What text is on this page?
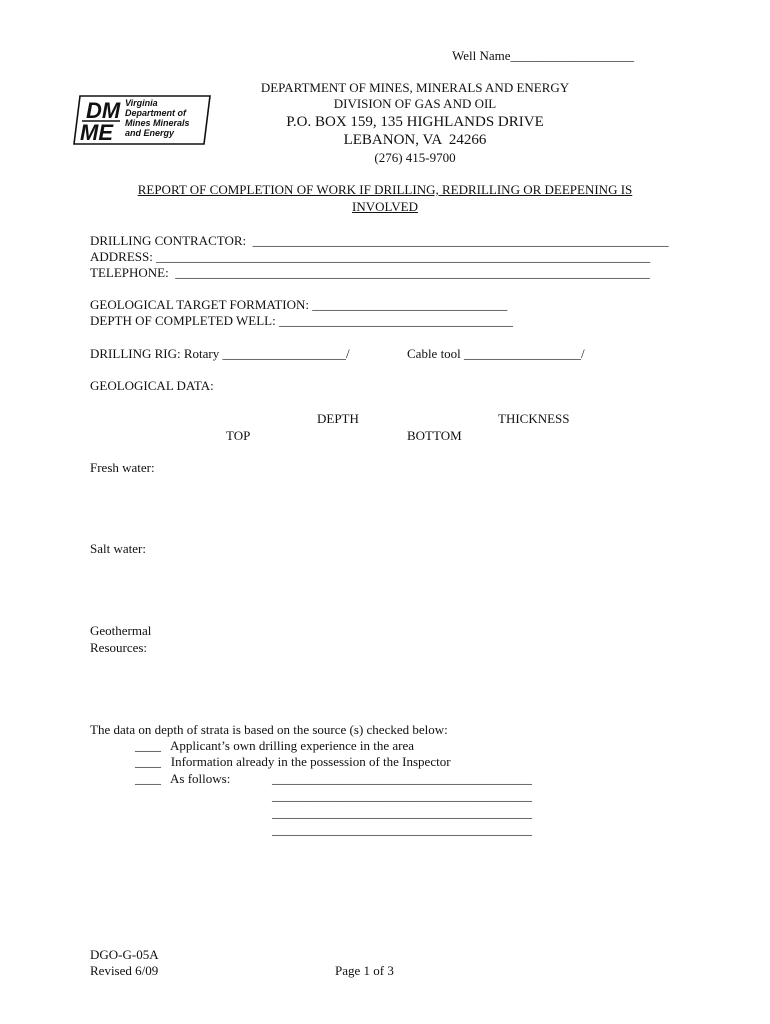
Well Name___________________
DM
ME
Virginia
Department of
Mines Minerals
and Energy
DEPARTMENT OF MINES, MINERALS AND ENERGY
DIVISION OF GAS AND OIL
P.O. BOX 159, 135 HIGHLANDS DRIVE
LEBANON, VA  24266
(276) 415-9700
REPORT OF COMPLETION OF WORK IF DRILLING, REDRILLING OR DEEPENING IS
INVOLVED
DRILLING CONTRACTOR:  ________________________________________________________________
ADDRESS: ____________________________________________________________________________
TELEPHONE:  _________________________________________________________________________
GEOLOGICAL TARGET FORMATION: ______________________________
DEPTH OF COMPLETED WELL: ____________________________________
DRILLING RIG: Rotary ___________________/	Cable tool __________________/
GEOLOGICAL DATA:
DEPTH	THICKNESS
TOP	BOTTOM
Fresh water:
Salt water:
Geothermal
Resources:
The data on depth of strata is based on the source (s) checked below:
____   Applicant’s own drilling experience in the area
____   Information already in the possession of the Inspector
____   As follows:	________________________________________
________________________________________
________________________________________
________________________________________
DGO-G-05A
Revised 6/09	Page 1 of 3
